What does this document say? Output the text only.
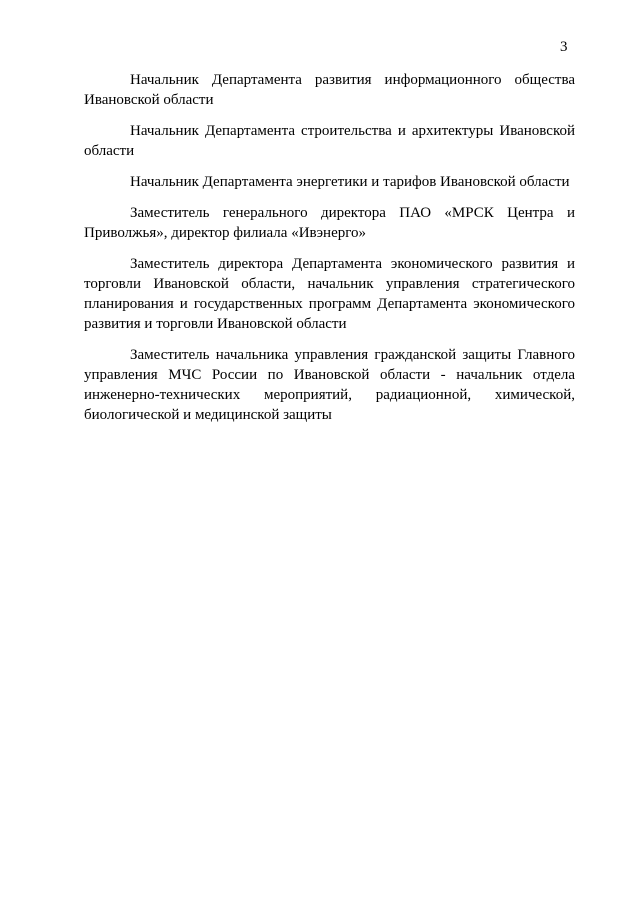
3

Начальник Департамента развития информационного общества
Ивановской области

Начальник Департамента строительства и архитектуры Ивановской
области

Начальник Департамента энергетики и тарифов Ивановской области

Заместитель генерального директора ПАО «МРСК Центра и
Приволжья», директор филиала «Ивэнерго»

Заместитель директора Департамента экономического развития и
торговли Ивановской области, начальник управления стратегического
планирования и государственных программ Департамента экономического
развития и торговли Ивановской области

Заместитель начальника управления гражданской защиты Главного
управления МЧС России по Ивановской области - начальник отдела
инженерно-технических мероприятий, радиационной, химической,
биологической и медицинской защиты
